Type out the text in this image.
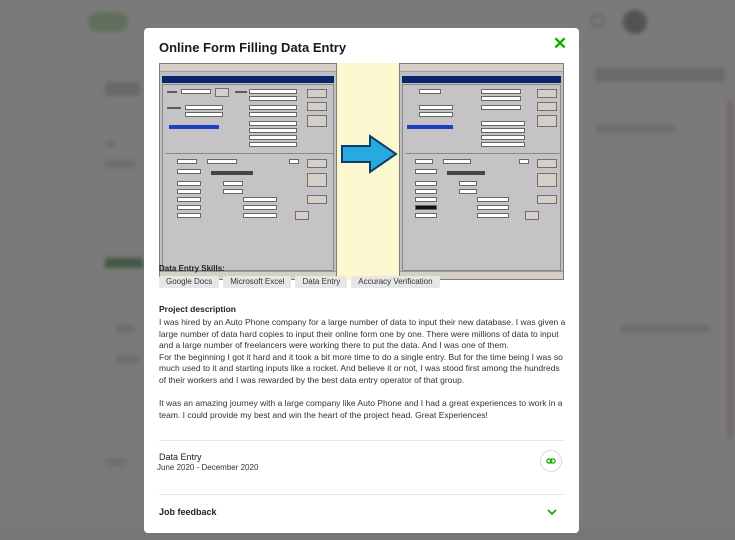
Online Form Filling Data Entry	✕
Data Entry Skills:
Google Docs	Microsoft Excel	Data Entry	Accuracy Verification
Project description
I was hired by an Auto Phone company for a large number of data to input their new database. I was given a large number of data hard copies to input their online form one by one. There were millions of data to input and a large number of freelancers were working there to put the data. And I was one of them.
For the beginning I got it hard and it took a bit more time to do a single entry. But for the time being I was so much used to it and starting inputs like a rocket. And believe it or not, I was stood first among the hundreds of their workers and I was rewarded by the best data entry operator of that group.

It was an amazing journey with a large company like Auto Phone and I had a great experiences to work in a team. I could provide my best and win the heart of the project head. Great Experiences!
Data Entry
June 2020 - December 2020
Job feedback
